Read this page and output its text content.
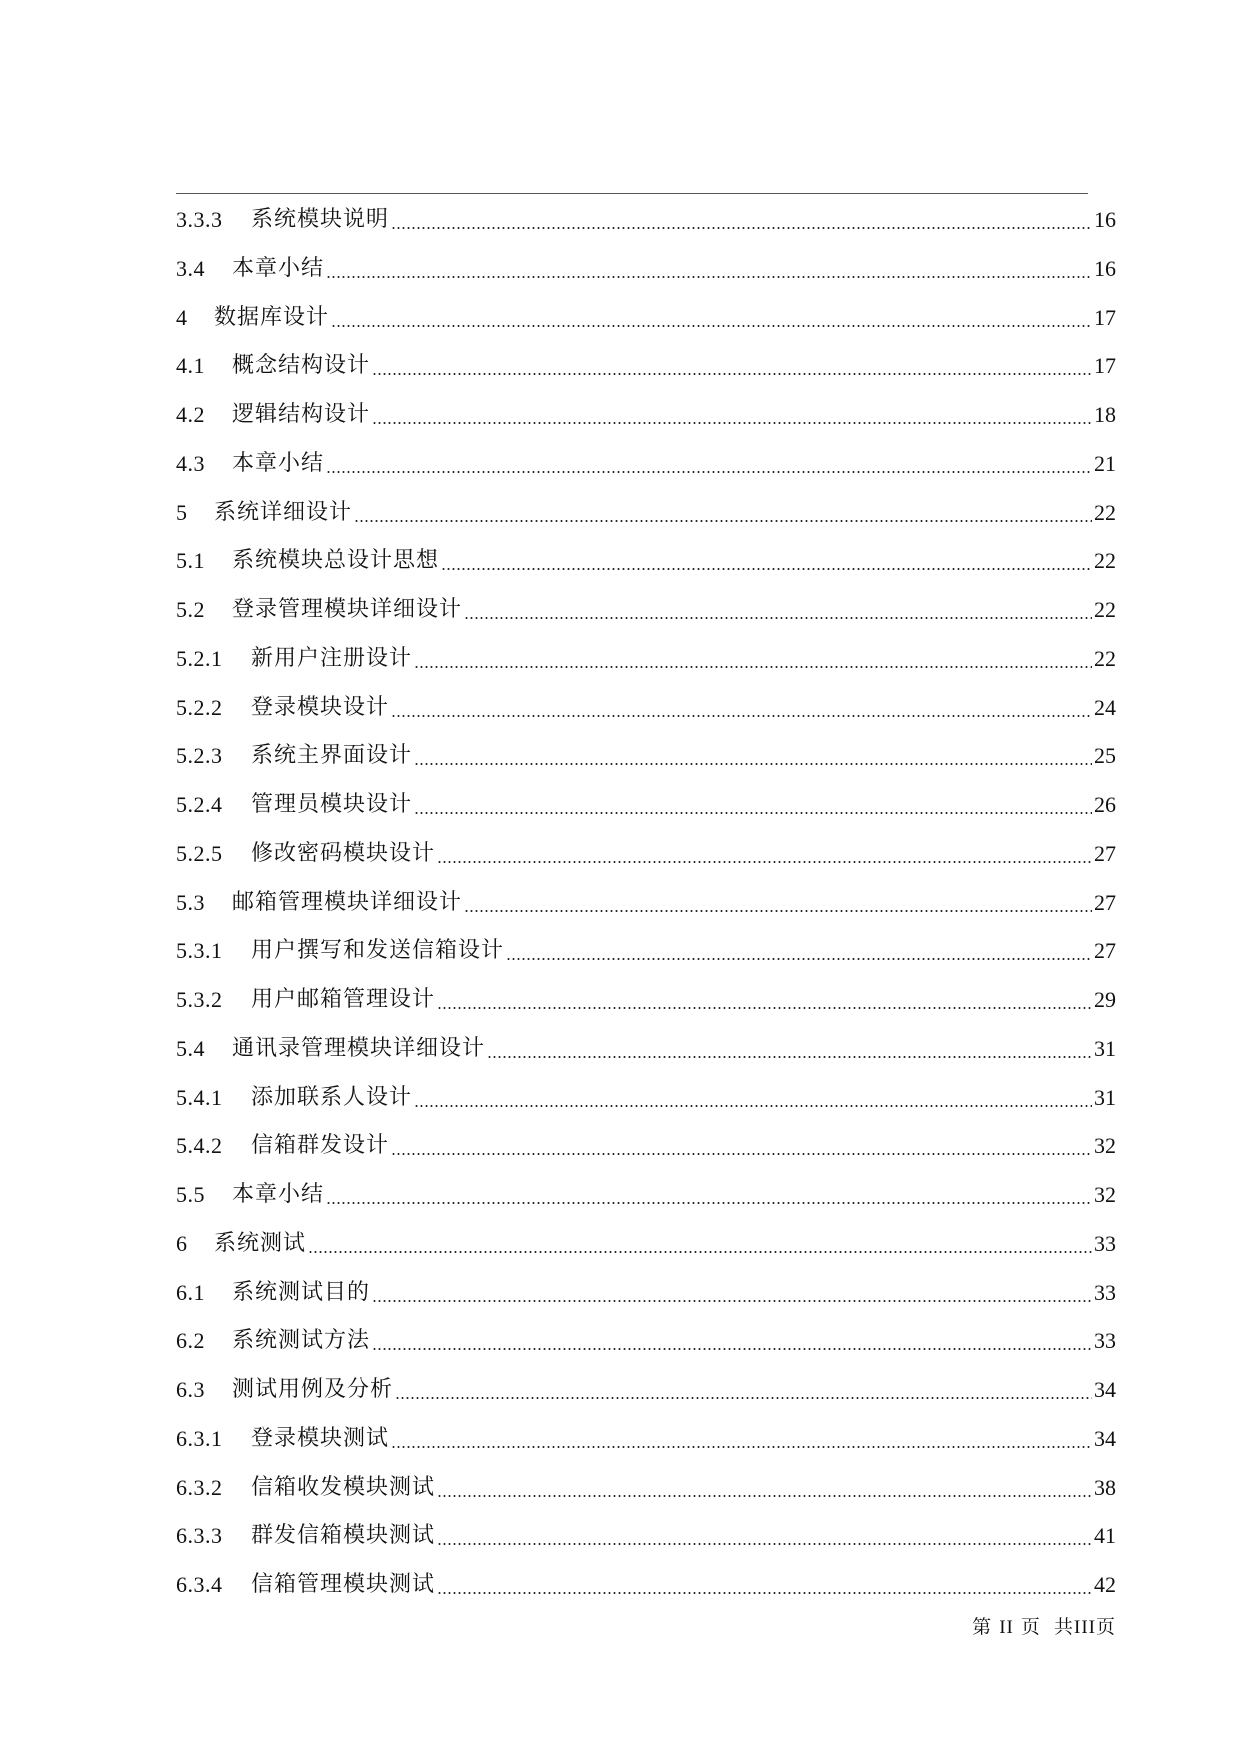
3.3.3	系统模块说明	16
3.4	本章小结	16
4	数据库设计	17
4.1	概念结构设计	17
4.2	逻辑结构设计	18
4.3	本章小结	21
5	系统详细设计	22
5.1	系统模块总设计思想	22
5.2	登录管理模块详细设计	22
5.2.1	新用户注册设计	22
5.2.2	登录模块设计	24
5.2.3	系统主界面设计	25
5.2.4	管理员模块设计	26
5.2.5	修改密码模块设计	27
5.3	邮箱管理模块详细设计	27
5.3.1	用户撰写和发送信箱设计	27
5.3.2	用户邮箱管理设计	29
5.4	通讯录管理模块详细设计	31
5.4.1	添加联系人设计	31
5.4.2	信箱群发设计	32
5.5	本章小结	32
6	系统测试	33
6.1	系统测试目的	33
6.2	系统测试方法	33
6.3	测试用例及分析	34
6.3.1	登录模块测试	34
6.3.2	信箱收发模块测试	38
6.3.3	群发信箱模块测试	41
6.3.4	信箱管理模块测试	42
第 II 页 共III页
